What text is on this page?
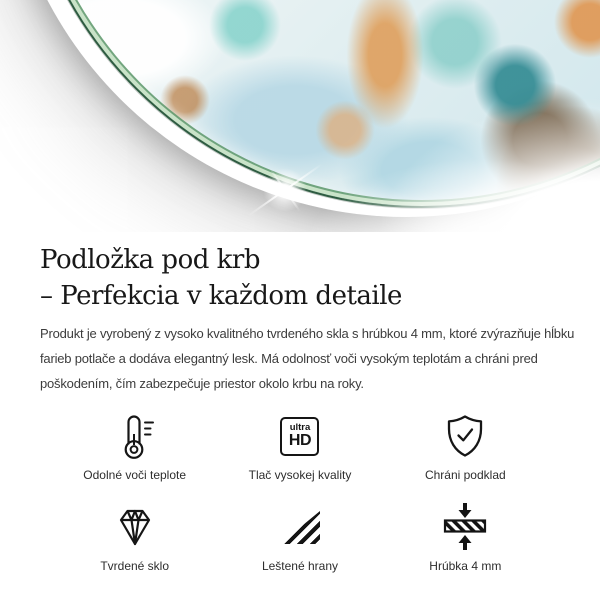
Podložka pod krb
– Perfekcia v každom detaile
Produkt je vyrobený z vysoko kvalitného tvrdeného skla s hrúbkou 4 mm, ktoré zvýrazňuje hĺbku
farieb potlače a dodáva elegantný lesk. Má odolnosť voči vysokým teplotám a chráni pred
poškodením, čím zabezpečuje priestor okolo krbu na roky.
Odolné voči teplote
ultra
HD
Tlač vysokej kvality	Chráni podklad
Tvrdené sklo	Leštené hrany	Hrúbka 4 mm
